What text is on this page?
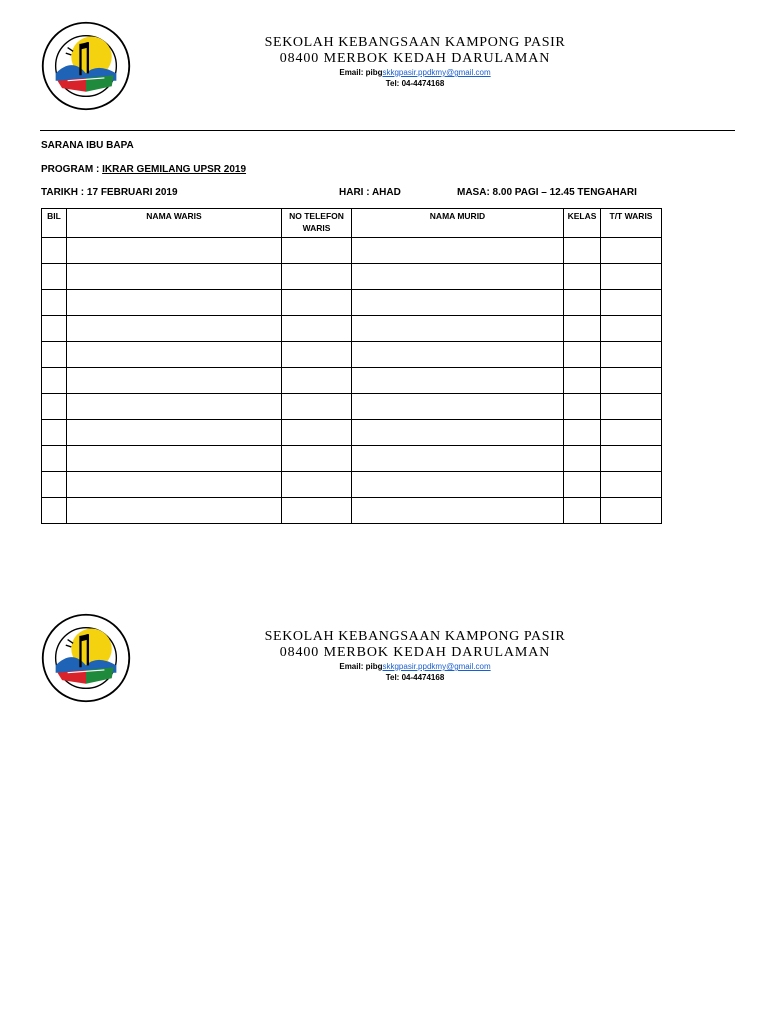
SEKOLAH KEBANGSAAN KAMPONG PASIR
08400 MERBOK KEDAH DARULAMAN
Email: pibgskkgpasir.ppdkmy@gmail.com
Tel: 04-4474168
SARANA IBU BAPA
PROGRAM : IKRAR GEMILANG UPSR 2019
TARIKH : 17 FEBRUARI 2019	HARI : AHAD	MASA: 8.00 PAGI – 12.45 TENGAHARI
BIL	NAMA WARIS	NO TELEFON WARIS	NAMA MURID	KELAS	T/T WARIS

SEKOLAH KEBANGSAAN KAMPONG PASIR
08400 MERBOK KEDAH DARULAMAN
Email: pibgskkgpasir.ppdkmy@gmail.com
Tel: 04-4474168
